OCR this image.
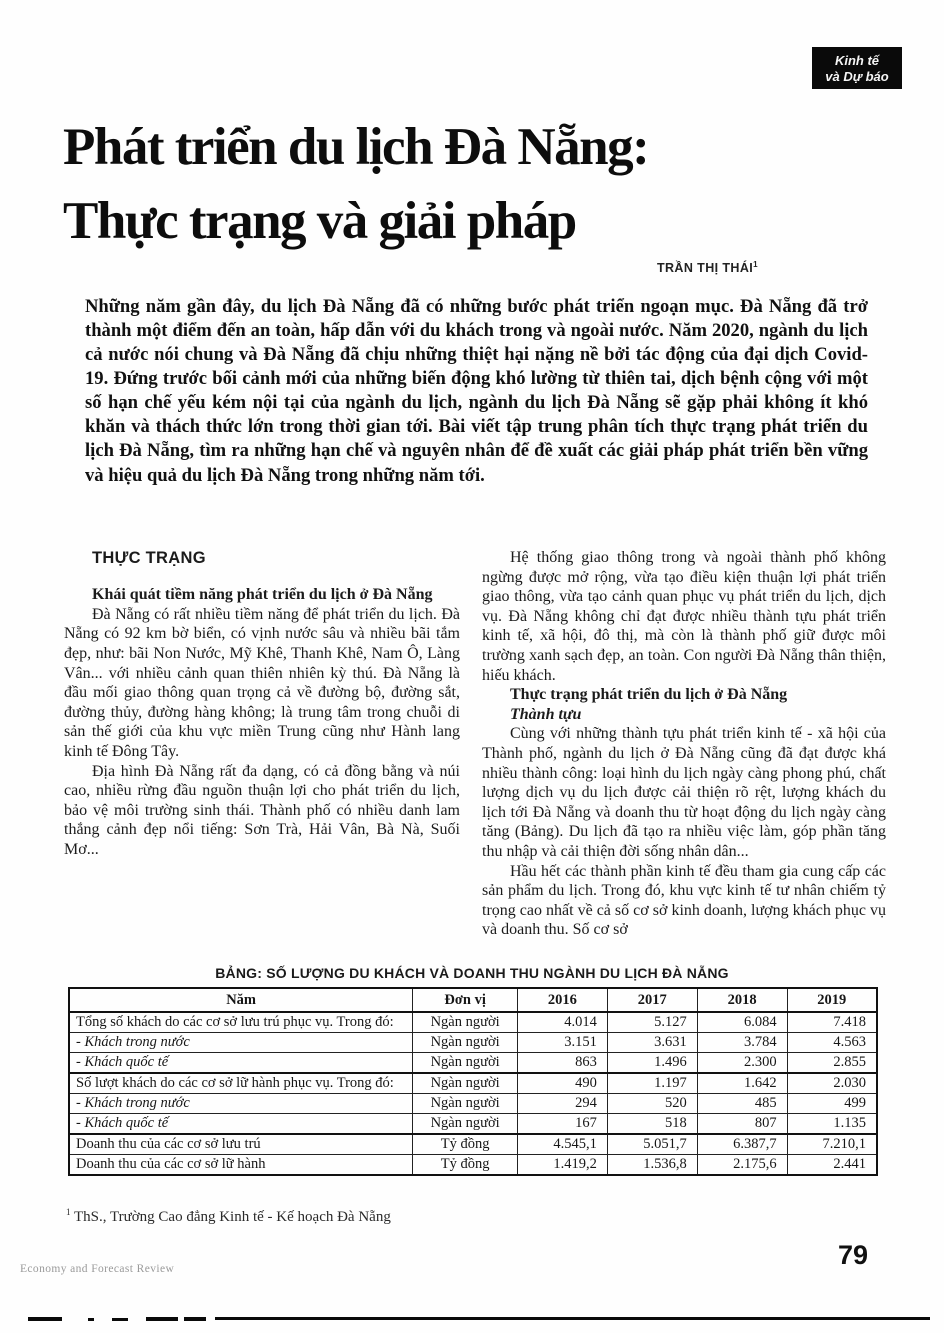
Kinh tế
và Dự báo
Phát triển du lịch Đà Nẵng:
Thực trạng và giải pháp
TRẦN THỊ THÁI$^1$
Những năm gần đây, du lịch Đà Nẵng đã có những bước phát triển ngoạn mục. Đà Nẵng đã trở thành một điểm đến an toàn, hấp dẫn với du khách trong và ngoài nước. Năm 2020, ngành du lịch cả nước nói chung và Đà Nẵng đã chịu những thiệt hại nặng nề bởi tác động của đại dịch Covid-19. Đứng trước bối cảnh mới của những biến động khó lường từ thiên tai, dịch bệnh cộng với một số hạn chế yếu kém nội tại của ngành du lịch, ngành du lịch Đà Nẵng sẽ gặp phải không ít khó khăn và thách thức lớn trong thời gian tới. Bài viết tập trung phân tích thực trạng phát triển du lịch Đà Nẵng, tìm ra những hạn chế và nguyên nhân để đề xuất các giải pháp phát triển bền vững và hiệu quả du lịch Đà Nẵng trong những năm tới.
THỰC TRẠNG

Khái quát tiềm năng phát triển du lịch ở Đà Nẵng

Đà Nẵng có rất nhiều tiềm năng để phát triển du lịch. Đà Nẵng có 92 km bờ biển, có vịnh nước sâu và nhiều bãi tắm đẹp, như: bãi Non Nước, Mỹ Khê, Thanh Khê, Nam Ô, Làng Vân... với nhiều cảnh quan thiên nhiên kỳ thú. Đà Nẵng là đầu mối giao thông quan trọng cả về đường bộ, đường sắt, đường thủy, đường hàng không; là trung tâm trong chuỗi di sản thế giới của khu vực miền Trung cũng như Hành lang kinh tế Đông Tây.

Địa hình Đà Nẵng rất đa dạng, có cả đồng bằng và núi cao, nhiều rừng đầu nguồn thuận lợi cho phát triển du lịch, bảo vệ môi trường sinh thái. Thành phố có nhiều danh lam thắng cảnh đẹp nổi tiếng: Sơn Trà, Hải Vân, Bà Nà, Suối Mơ...

Hệ thống giao thông trong và ngoài thành phố không ngừng được mở rộng, vừa tạo điều kiện thuận lợi phát triển giao thông, vừa tạo cảnh quan phục vụ phát triển du lịch, dịch vụ. Đà Nẵng không chỉ đạt được nhiều thành tựu phát triển kinh tế, xã hội, đô thị, mà còn là thành phố giữ được môi trường xanh sạch đẹp, an toàn. Con người Đà Nẵng thân thiện, hiếu khách.

Thực trạng phát triển du lịch ở Đà Nẵng

Thành tựu

Cùng với những thành tựu phát triển kinh tế - xã hội của Thành phố, ngành du lịch ở Đà Nẵng cũng đã đạt được khá nhiều thành công: loại hình du lịch ngày càng phong phú, chất lượng dịch vụ du lịch được cải thiện rõ rệt, lượng khách du lịch tới Đà Nẵng và doanh thu từ hoạt động du lịch ngày càng tăng (Bảng). Du lịch đã tạo ra nhiều việc làm, góp phần tăng thu nhập và cải thiện đời sống nhân dân...

Hầu hết các thành phần kinh tế đều tham gia cung cấp các sản phẩm du lịch. Trong đó, khu vực kinh tế tư nhân chiếm tỷ trọng cao nhất về cả số cơ sở kinh doanh, lượng khách phục vụ và doanh thu. Số cơ sở

BẢNG: SỐ LƯỢNG DU KHÁCH VÀ DOANH THU NGÀNH DU LỊCH ĐÀ NẴNG
Năm	Đơn vị	2016	2017	2018	2019
Tổng số khách do các cơ sở lưu trú phục vụ. Trong đó:	Ngàn người	4.014	5.127	6.084	7.418
- Khách trong nước	Ngàn người	3.151	3.631	3.784	4.563
- Khách quốc tế	Ngàn người	863	1.496	2.300	2.855
Số lượt khách do các cơ sở lữ hành phục vụ. Trong đó:	Ngàn người	490	1.197	1.642	2.030
- Khách trong nước	Ngàn người	294	520	485	499
- Khách quốc tế	Ngàn người	167	518	807	1.135
Doanh thu của các cơ sở lưu trú	Tỷ đồng	4.545,1	5.051,7	6.387,7	7.210,1
Doanh thu của các cơ sở lữ hành	Tỷ đồng	1.419,2	1.536,8	2.175,6	2.441
$^1$ ThS., Trường Cao đẳng Kinh tế - Kế hoạch Đà Nẵng
Economy and Forecast Review	79
